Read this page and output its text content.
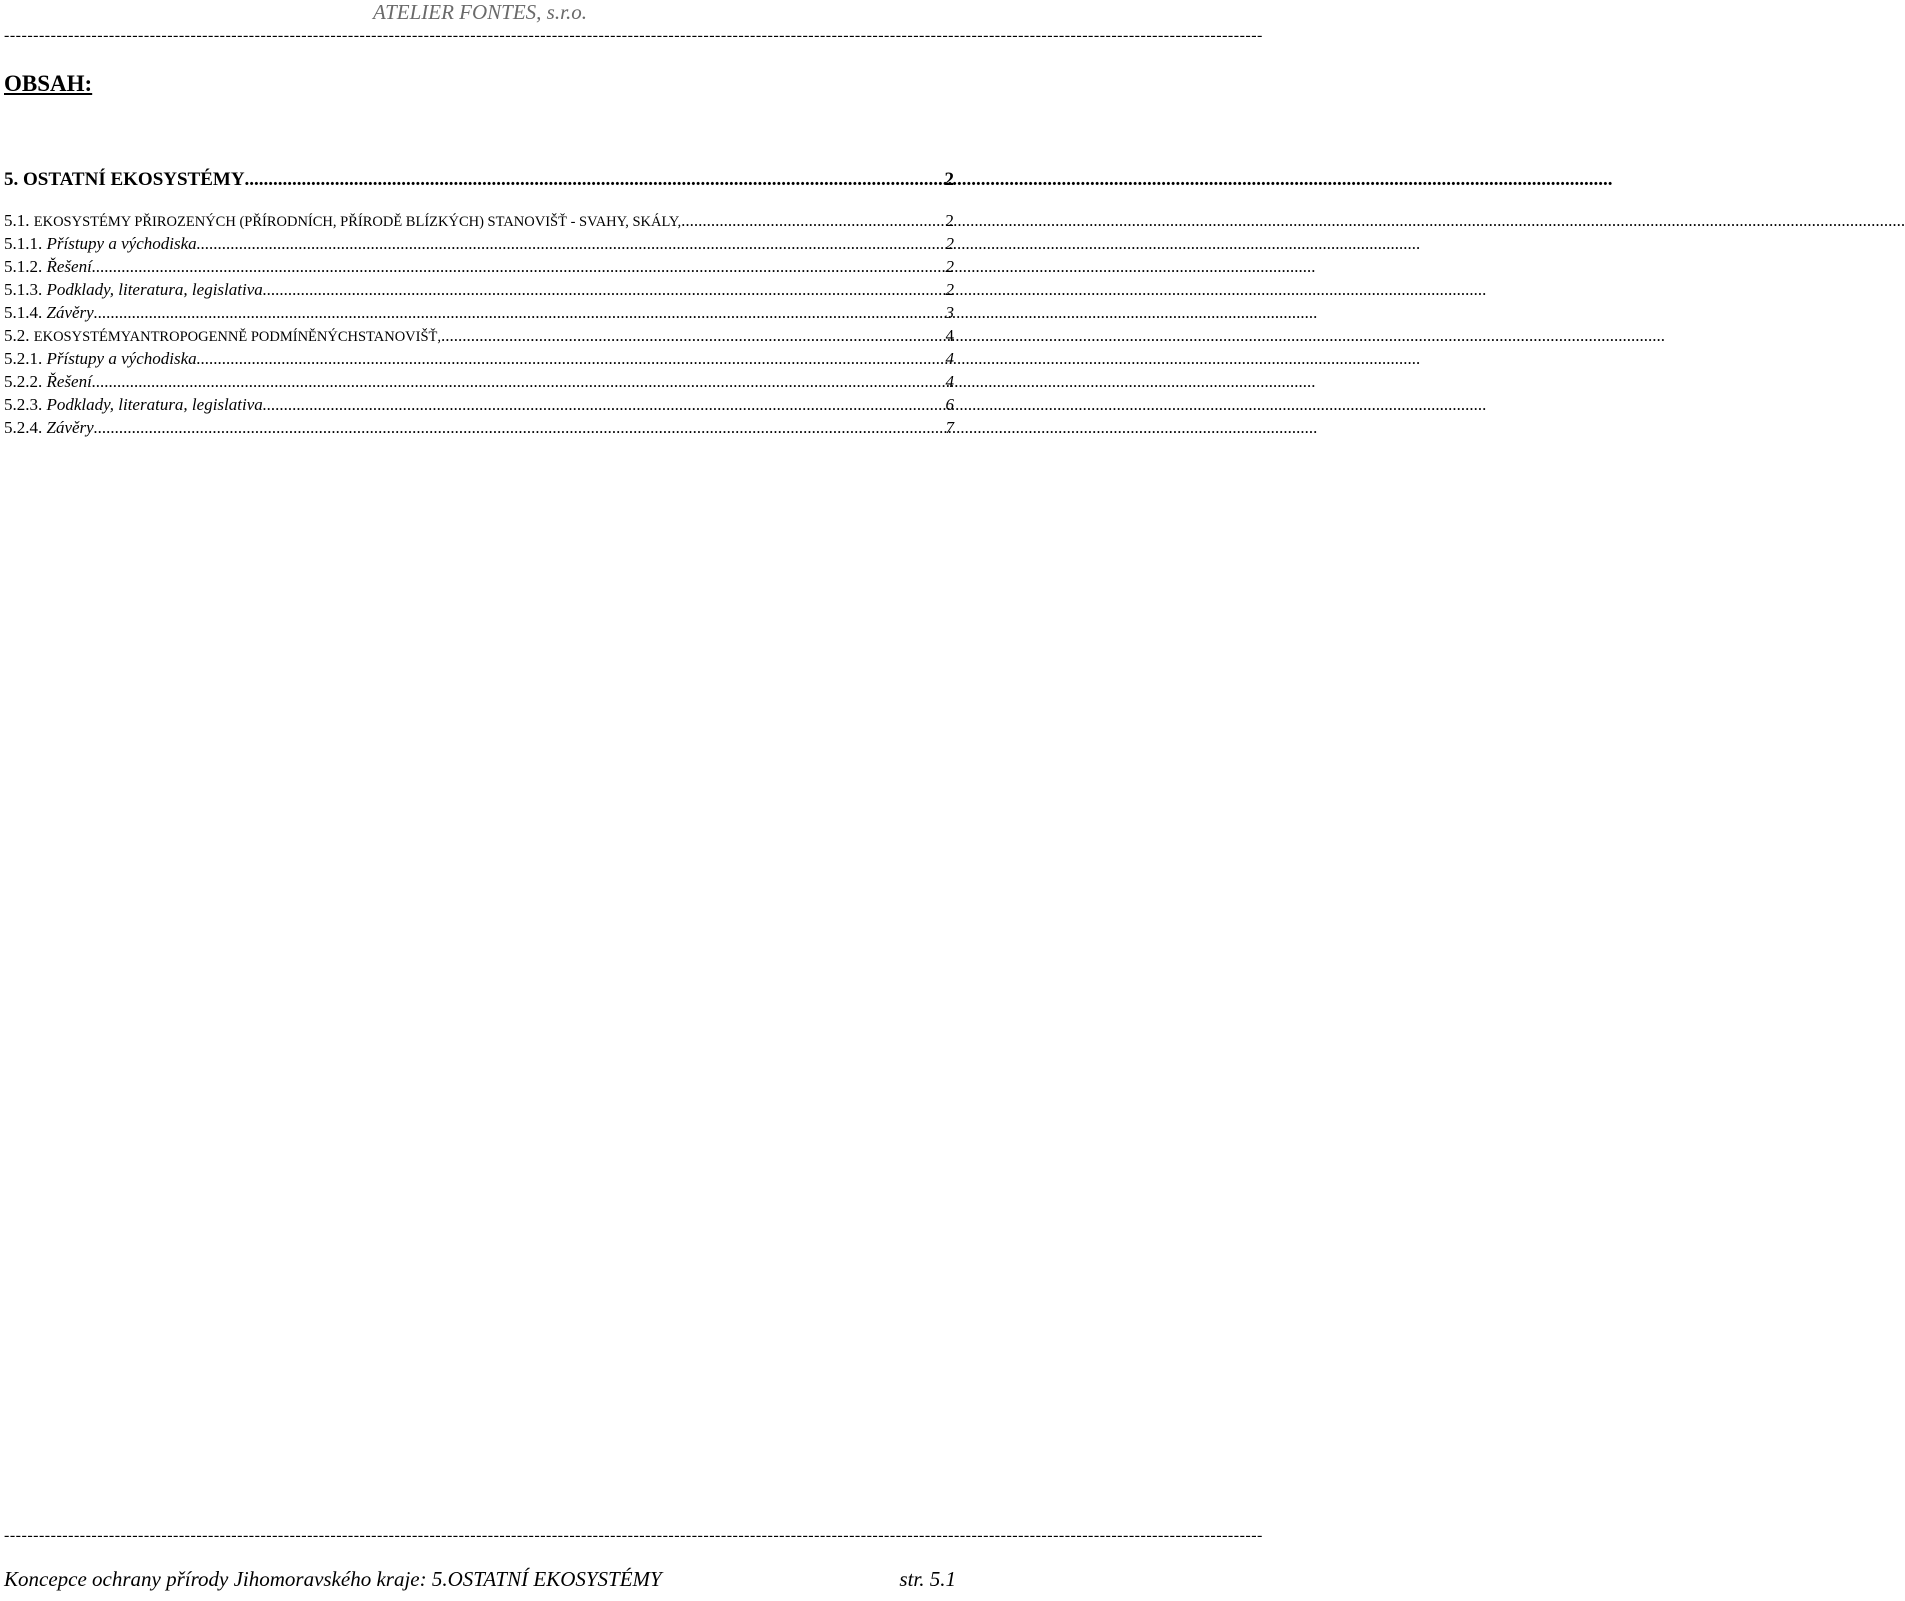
ATELIER FONTES, s.r.o.
------------------------------------------------------------------------------------------------------------------------------------------------------------------------------------------------------------------------
OBSAH:
5. OSTATNÍ EKOSYSTÉMY .....	2
5.1. EKOSYSTÉMY PŘIROZENÝCH (PŘÍRODNÍCH, PŘÍRODĚ BLÍZKÝCH) STANOVIŠŤ - SVAHY, SKÁLY, .....	2
5.1.1. Přístupy a východiska .....	2
5.1.2. Řešení .....	2
5.1.3. Podklady, literatura, legislativa .....	2
5.1.4. Závěry .....	3
5.2. EKOSYSTÉMYANTROPOGENNĚ PODMÍNĚNÝCHSTANOVIŠŤ, .....	4
5.2.1. Přístupy a východiska .....	4
5.2.2. Řešení .....	4
5.2.3. Podklady, literatura, legislativa .....	6
5.2.4. Závěry .....	7
------------------------------------------------------------------------------------------------------------------------------------------------------------------------------------------------------------------------
Koncepce ochrany přírody Jihomoravského kraje: 5.OSTATNÍ EKOSYSTÉMY	str. 5.1
